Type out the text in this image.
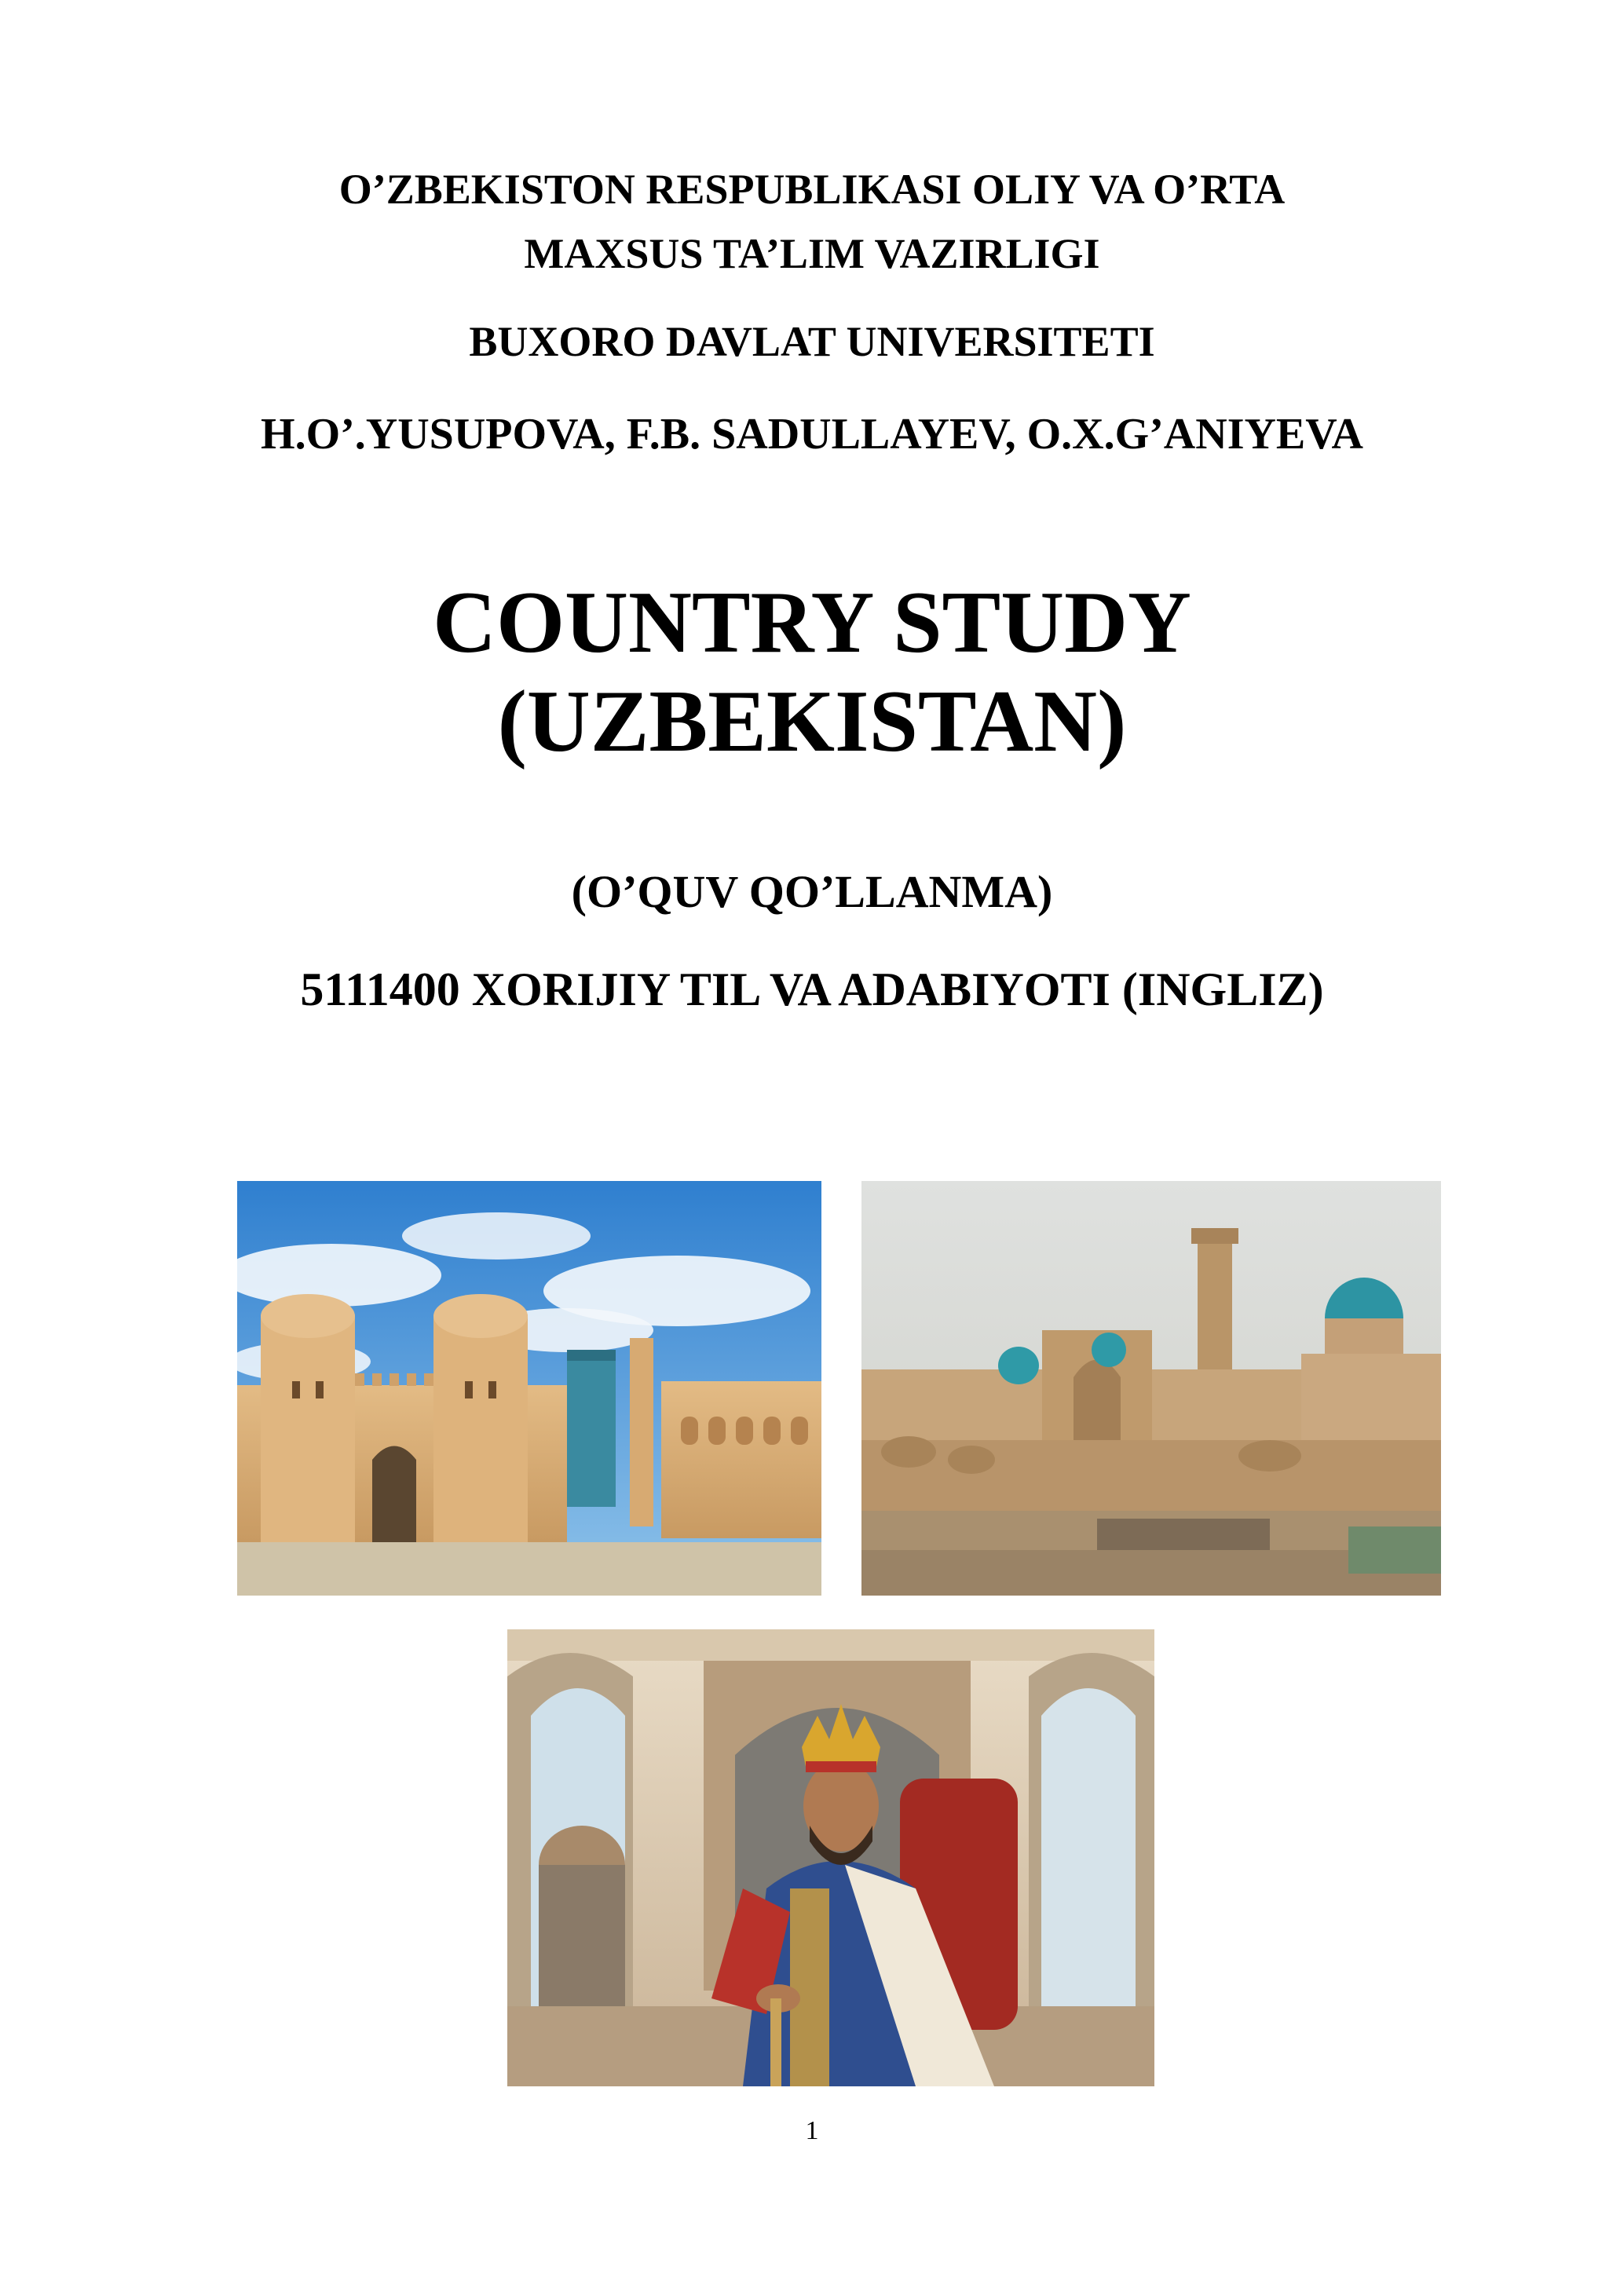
O’ZBEKISTON RESPUBLIKASI OLIY VA O’RTA
MAXSUS TA’LIM VAZIRLIGI
BUXORO DAVLAT UNIVERSITETI
H.O’.YUSUPOVA, F.B. SADULLAYEV, O.X.G’ANIYEVA
COUNTRY STUDY
(UZBEKISTAN)
(O’QUV QO’LLANMA)
5111400 XORIJIY TIL VA ADABIYOTI (INGLIZ)
1
